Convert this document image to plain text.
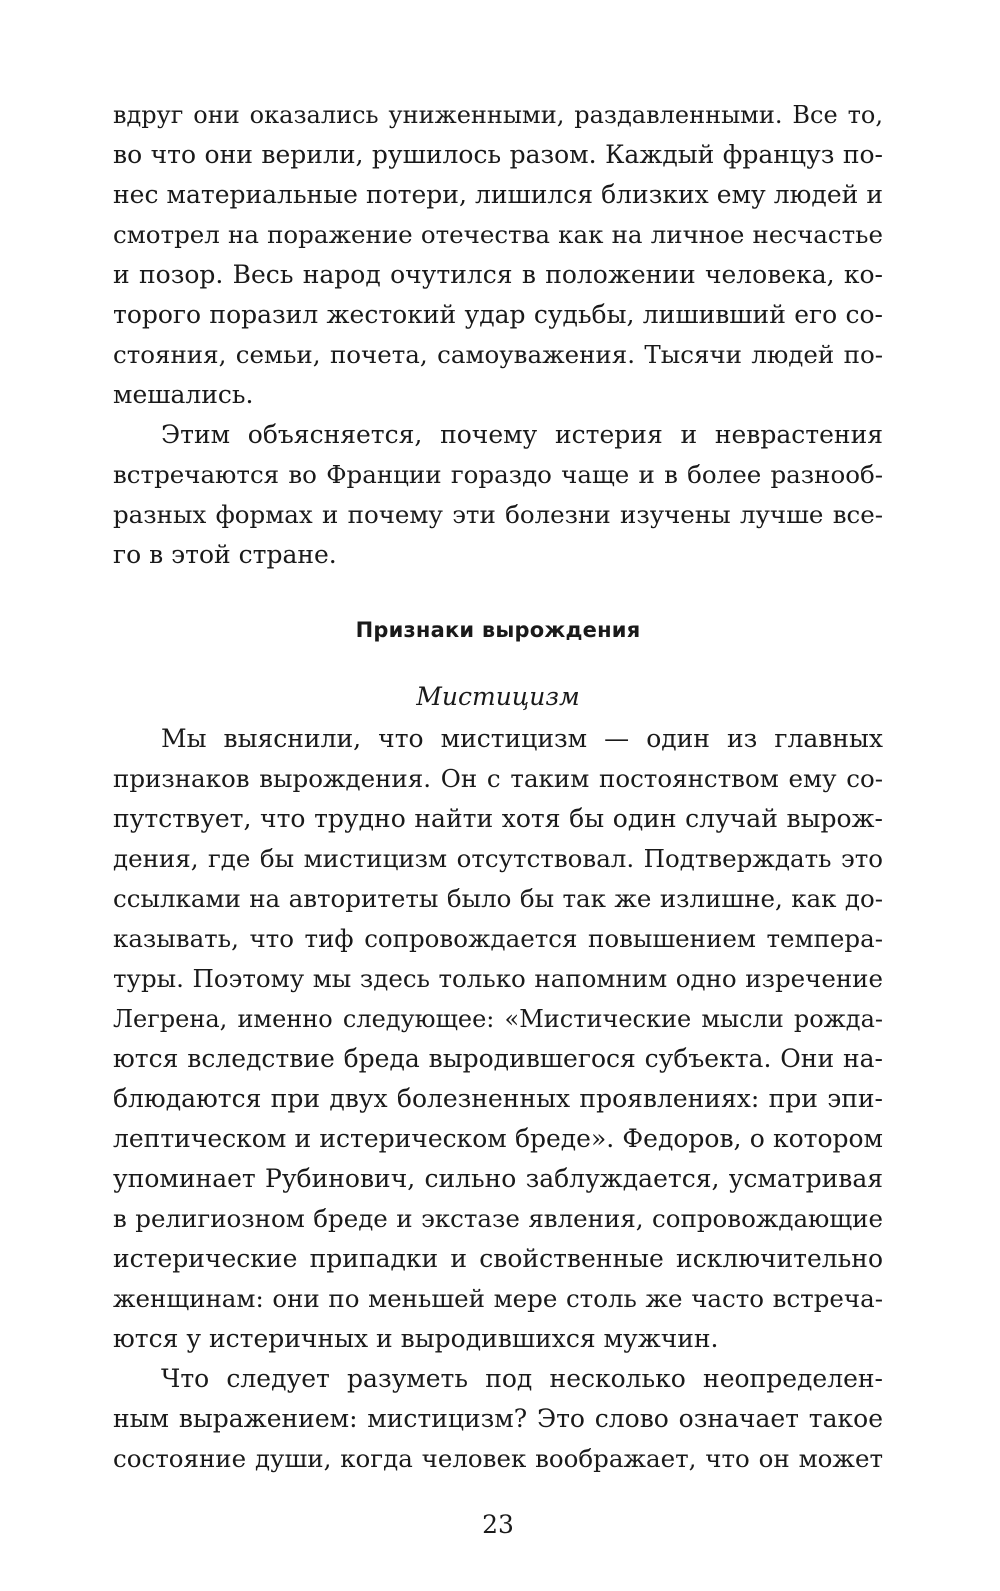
вдруг они оказались униженными, раздавленными. Все то,
во что они верили, рушилось разом. Каждый француз по-
нес материальные потери, лишился близких ему людей и
смотрел на поражение отечества как на личное несчастье
и позор. Весь народ очутился в положении человека, ко-
торого поразил жестокий удар судьбы, лишивший его со-
стояния, семьи, почета, самоуважения. Тысячи людей по-
мешались.
Этим объясняется, почему истерия и неврастения
встречаются во Франции гораздо чаще и в более разнооб-
разных формах и почему эти болезни изучены лучше все-
го в этой стране.
Признаки вырождения
Мистицизм
Мы выяснили, что мистицизм — один из главных
признаков вырождения. Он с таким постоянством ему со-
путствует, что трудно найти хотя бы один случай вырож-
дения, где бы мистицизм отсутствовал. Подтверждать это
ссылками на авторитеты было бы так же излишне, как до-
казывать, что тиф сопровождается повышением темпера-
туры. Поэтому мы здесь только напомним одно изречение
Легрена, именно следующее: «Мистические мысли рожда-
ются вследствие бреда выродившегося субъекта. Они на-
блюдаются при двух болезненных проявлениях: при эпи-
лептическом и истерическом бреде». Федоров, о котором
упоминает Рубинович, сильно заблуждается, усматривая
в религиозном бреде и экстазе явления, сопровождающие
истерические припадки и свойственные исключительно
женщинам: они по меньшей мере столь же часто встреча-
ются у истеричных и выродившихся мужчин.
Что следует разуметь под несколько неопределен-
ным выражением: мистицизм? Это слово означает такое
состояние души, когда человек воображает, что он может
23
